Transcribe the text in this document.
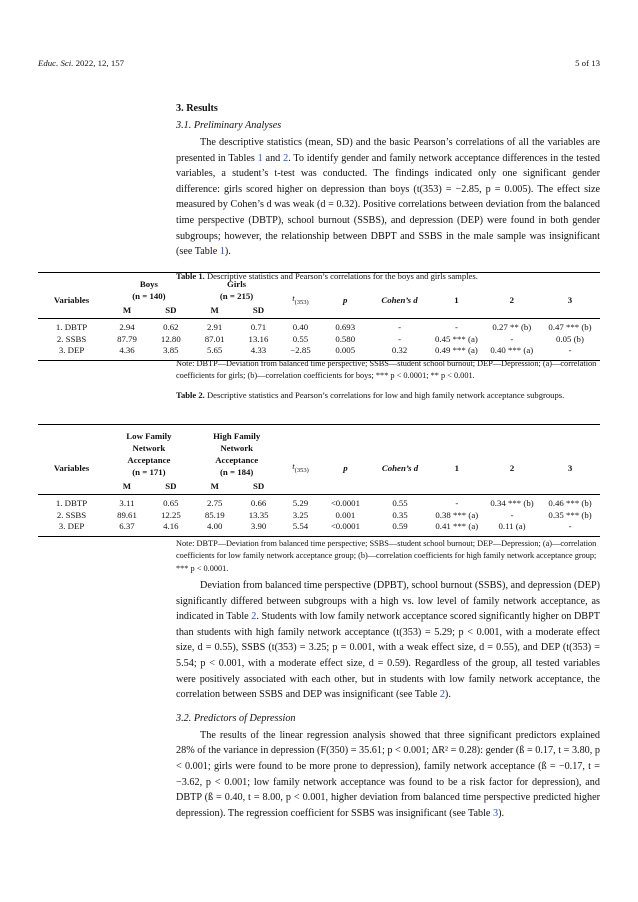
Educ. Sci. 2022, 12, 157	5 of 13
3. Results
3.1. Preliminary Analyses

The descriptive statistics (mean, SD) and the basic Pearson’s correlations of all the variables are presented in Tables 1 and 2. To identify gender and family network acceptance differences in the tested variables, a student’s t-test was conducted. The findings indicated only one significant gender difference: girls scored higher on depression than boys (t(353) = −2.85, p = 0.005). The effect size measured by Cohen’s d was weak (d = 0.32). Positive correlations between deviation from the balanced time perspective (DBTP), school burnout (SSBS), and depression (DEP) were found in both gender subgroups; however, the relationship between DBPT and SSBS in the male sample was insignificant (see Table 1).

Table 1. Descriptive statistics and Pearson’s correlations for the boys and girls samples.
Variables	Boys
(n = 140)		Girls
(n = 215)		$t_{(353)}$	p	Cohen’s d	1	2	3
	M	SD	M	SD						
1. DBTP	2.94	0.62	2.91	0.71	0.40	0.693	-	-	0.27 ** (b)	0.47 *** (b)
2. SSBS	87.79	12.80	87.01	13.16	0.55	0.580	-	0.45 *** (a)	-	0.05 (b)
3. DEP	4.36	3.85	5.65	4.33	−2.85	0.005	0.32	0.49 *** (a)	0.40 *** (a)	-
Note: DBTP—Deviation from balanced time perspective; SSBS—student school burnout; DEP—Depression; (a)—correlation coefficients for girls; (b)—correlation coefficients for boys; *** p < 0.0001; ** p < 0.001.
Table 2. Descriptive statistics and Pearson’s correlations for low and high family network acceptance subgroups.
Variables	Low Family
Network
Acceptance
(n = 171)		High Family
Network
Acceptance
(n = 184)		$t_{(353)}$	p	Cohen’s d	1	2	3
	M	SD	M	SD						
1. DBTP	3.11	0.65	2.75	0.66	5.29	<0.0001	0.55	-	0.34 *** (b)	0.46 *** (b)
2. SSBS	89.61	12.25	85.19	13.35	3.25	0.001	0.35	0.38 *** (a)	-	0.35 *** (b)
3. DEP	6.37	4.16	4.00	3.90	5.54	<0.0001	0.59	0.41 *** (a)	0.11 (a)	-
Note: DBTP—Deviation from balanced time perspective; SSBS—student school burnout; DEP—Depression; (a)—correlation coefficients for low family network acceptance group; (b)—correlation coefficients for high family network acceptance group; *** p < 0.0001.

Deviation from balanced time perspective (DPBT), school burnout (SSBS), and depression (DEP) significantly differed between subgroups with a high vs. low level of family network acceptance, as indicated in Table 2. Students with low family network acceptance scored significantly higher on DBPT than students with high family network acceptance (t(353) = 5.29; p < 0.001, with a moderate effect size, d = 0.55), SSBS (t(353) = 3.25; p = 0.001, with a weak effect size, d = 0.55), and DEP (t(353) = 5.54; p < 0.001, with a moderate effect size, d = 0.59). Regardless of the group, all tested variables were positively associated with each other, but in students with low family network acceptance, the correlation between SSBS and DEP was insignificant (see Table 2).

3.2. Predictors of Depression

The results of the linear regression analysis showed that three significant predictors explained 28% of the variance in depression (F(350) = 35.61; p < 0.001; ΔR² = 0.28): gender (ß = 0.17, t = 3.80, p < 0.001; girls were found to be more prone to depression), family network acceptance (ß = −0.17, t = −3.62, p < 0.001; low family network acceptance was found to be a risk factor for depression), and DBTP (ß = 0.40, t = 8.00, p < 0.001, higher deviation from balanced time perspective predicted higher depression). The regression coefficient for SSBS was insignificant (see Table 3).
